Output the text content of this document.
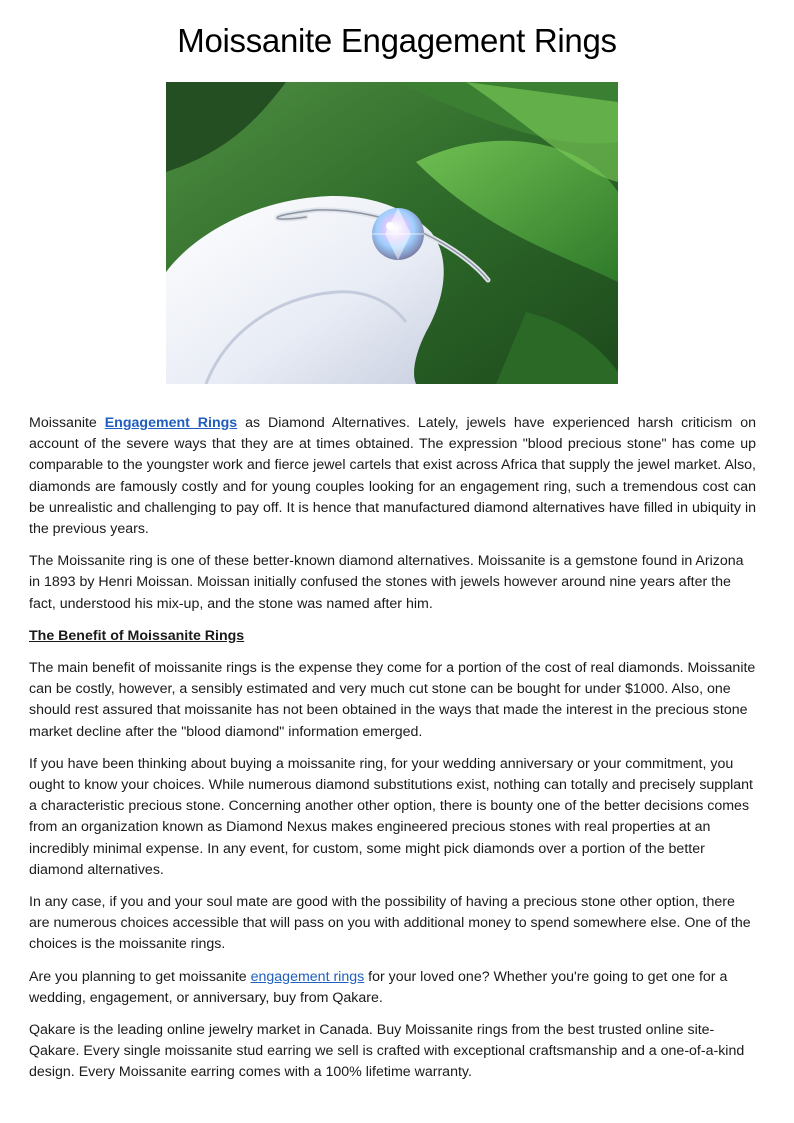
Moissanite Engagement Rings

Moissanite Engagement Rings as Diamond Alternatives. Lately, jewels have experienced harsh criticism on account of the severe ways that they are at times obtained. The expression "blood precious stone" has come up comparable to the youngster work and fierce jewel cartels that exist across Africa that supply the jewel market. Also, diamonds are famously costly and for young couples looking for an engagement ring, such a tremendous cost can be unrealistic and challenging to pay off. It is hence that manufactured diamond alternatives have filled in ubiquity in the previous years.

The Moissanite ring is one of these better-known diamond alternatives. Moissanite is a gemstone found in Arizona in 1893 by Henri Moissan. Moissan initially confused the stones with jewels however around nine years after the fact, understood his mix-up, and the stone was named after him.

The Benefit of Moissanite Rings

The main benefit of moissanite rings is the expense they come for a portion of the cost of real diamonds. Moissanite can be costly, however, a sensibly estimated and very much cut stone can be bought for under $1000. Also, one should rest assured that moissanite has not been obtained in the ways that made the interest in the precious stone market decline after the "blood diamond" information emerged.

If you have been thinking about buying a moissanite ring, for your wedding anniversary or your commitment, you ought to know your choices. While numerous diamond substitutions exist, nothing can totally and precisely supplant a characteristic precious stone. Concerning another other option, there is bounty one of the better decisions comes from an organization known as Diamond Nexus makes engineered precious stones with real properties at an incredibly minimal expense. In any event, for custom, some might pick diamonds over a portion of the better diamond alternatives.

In any case, if you and your soul mate are good with the possibility of having a precious stone other option, there are numerous choices accessible that will pass on you with additional money to spend somewhere else. One of the choices is the moissanite rings.

Are you planning to get moissanite engagement rings for your loved one? Whether you're going to get one for a wedding, engagement, or anniversary, buy from Qakare.

Qakare is the leading online jewelry market in Canada. Buy Moissanite rings from the best trusted online site-Qakare. Every single moissanite stud earring we sell is crafted with exceptional craftsmanship and a one-of-a-kind design. Every Moissanite earring comes with a 100% lifetime warranty.
